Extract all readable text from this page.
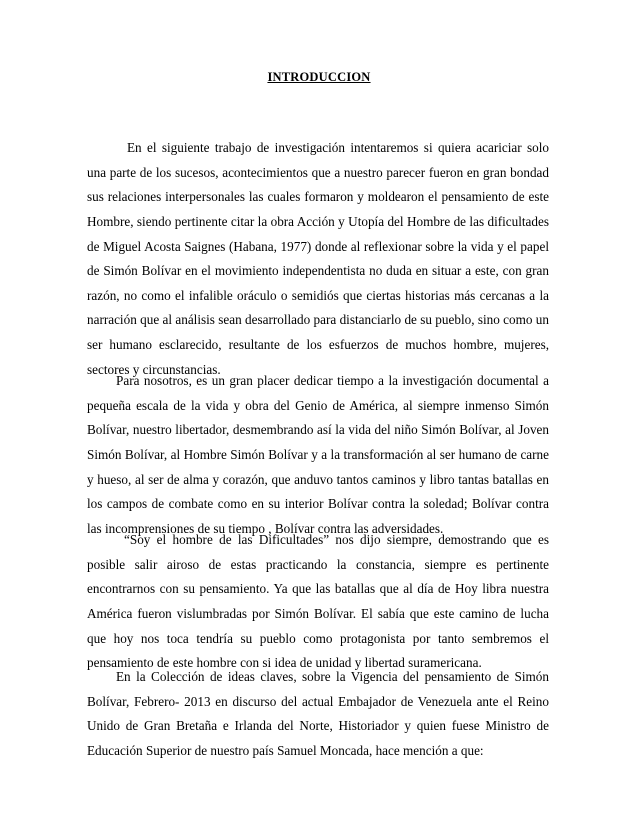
INTRODUCCION

En el siguiente trabajo de investigación intentaremos si quiera acariciar solo una parte de los sucesos, acontecimientos que a nuestro parecer fueron en gran bondad sus relaciones interpersonales las cuales formaron y moldearon el pensamiento de este Hombre, siendo pertinente citar la obra Acción y Utopía del Hombre de las dificultades de Miguel Acosta Saignes (Habana, 1977) donde al reflexionar sobre la vida y el papel de Simón Bolívar en el movimiento independentista no duda en situar a este, con gran razón, no como el infalible oráculo o semidiós que ciertas historias más cercanas a la narración que al análisis sean desarrollado para distanciarlo de su pueblo, sino como un ser humano esclarecido, resultante de los esfuerzos de muchos hombre, mujeres, sectores y circunstancias.

Para nosotros, es un gran placer dedicar tiempo a la investigación documental a pequeña escala de la vida y obra del Genio de América, al siempre inmenso Simón Bolívar, nuestro libertador, desmembrando así la vida del niño Simón Bolívar, al Joven Simón Bolívar, al Hombre Simón Bolívar y a la transformación al ser humano de carne y hueso, al ser de alma y corazón, que anduvo tantos caminos y libro tantas batallas en los campos de combate como en su interior Bolívar contra la soledad; Bolívar contra las incomprensiones de su tiempo , Bolívar contra las adversidades.

“Soy el hombre de las Dificultades” nos dijo siempre, demostrando que es posible salir airoso de estas practicando la constancia, siempre es pertinente encontrarnos con su pensamiento. Ya que las batallas que al día de Hoy libra nuestra América fueron vislumbradas por Simón Bolívar. El sabía que este camino de lucha que hoy nos toca tendría su pueblo como protagonista por tanto sembremos el pensamiento de este hombre con si idea de unidad y libertad suramericana.

En la Colección de ideas claves, sobre la Vigencia del pensamiento de Simón Bolívar, Febrero- 2013 en discurso del actual Embajador de Venezuela ante el Reino Unido de Gran Bretaña e Irlanda del Norte, Historiador y quien fuese Ministro de Educación Superior de nuestro país Samuel Moncada, hace mención a que:
